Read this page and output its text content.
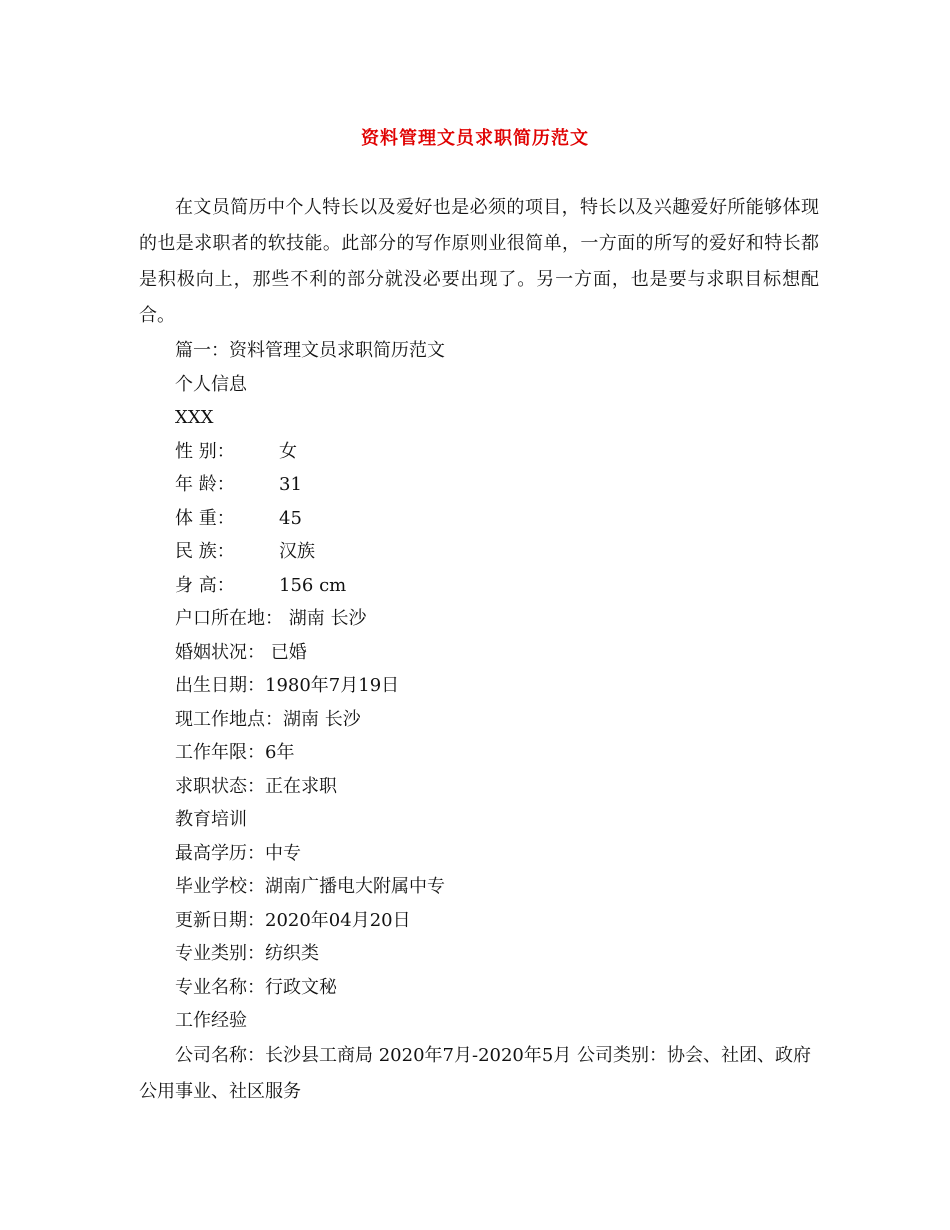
资料管理文员求职简历范文

在文员简历中个人特长以及爱好也是必须的项目，特长以及兴趣爱好所能够体现的也是求职者的软技能。此部分的写作原则业很简单，一方面的所写的爱好和特长都是积极向上，那些不利的部分就没必要出现了。另一方面，也是要与求职目标想配合。

篇一：资料管理文员求职简历范文
个人信息
XXX
性 别： 女
年 龄： 31
体 重： 45
民 族： 汉族
身 高： 156 cm
户口所在地： 湖南 长沙
婚姻状况： 已婚
出生日期：1980年7月19日
现工作地点：湖南 长沙
工作年限：6年
求职状态：正在求职
教育培训
最高学历：中专
毕业学校：湖南广播电大附属中专
更新日期：2020年04月20日
专业类别：纺织类
专业名称：行政文秘
工作经验
公司名称：长沙县工商局 2020年7月-2020年5月 公司类别：协会、社团、政府公用事业、社区服务
